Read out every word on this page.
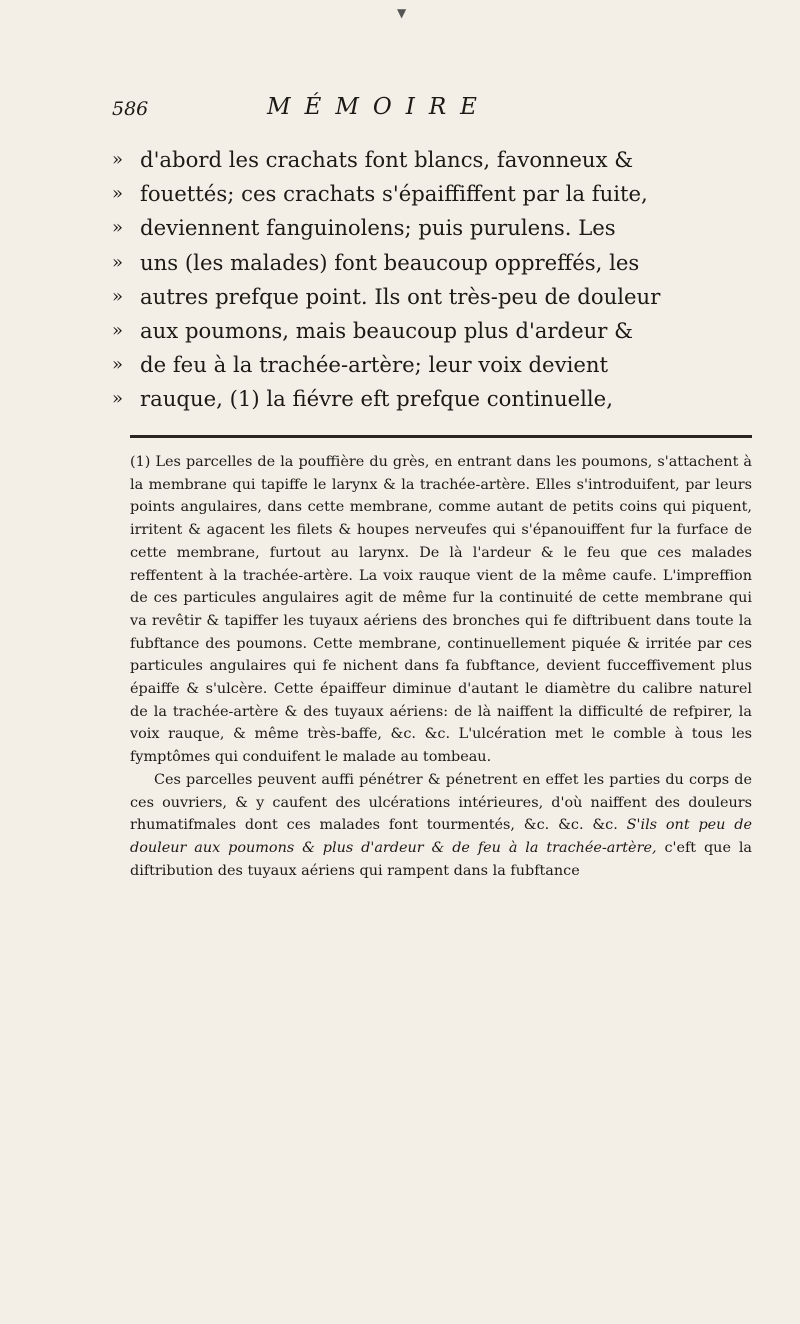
▼
586	MÉMOIRE
» d'abord les crachats font blancs, favonneux &
» fouettés; ces crachats s'épaiffiffent par la fuite,
» deviennent fanguinolens; puis purulens. Les
» uns (les malades) font beaucoup oppreffés, les
» autres prefque point. Ils ont très-peu de douleur
» aux poumons, mais beaucoup plus d'ardeur &
» de feu à la trachée-artère; leur voix devient
» rauque, (1) la fiévre eft prefque continuelle,

(1) Les parcelles de la pouffière du grès, en entrant dans les poumons, s'attachent à la membrane qui tapiffe le larynx & la trachée-artère. Elles s'introduifent, par leurs points angulaires, dans cette membrane, comme autant de petits coins qui piquent, irritent & agacent les filets & houpes nerveufes qui s'épanouiffent fur la furface de cette membrane, furtout au larynx. De là l'ardeur & le feu que ces malades reffentent à la trachée-artère. La voix rauque vient de la même caufe. L'impreffion de ces particules angulaires agit de même fur la continuité de cette membrane qui va revêtir & tapiffer les tuyaux aériens des bronches qui fe diftribuent dans toute la fubftance des poumons. Cette membrane, continuellement piquée & irritée par ces particules angulaires qui fe nichent dans fa fubftance, devient fucceffivement plus épaiffe & s'ulcère. Cette épaiffeur diminue d'autant le diamètre du calibre naturel de la trachée-artère & des tuyaux aériens: de là naiffent la difficulté de refpirer, la voix rauque, & même très-baffe, &c. &c. L'ulcération met le comble à tous les fymptômes qui conduifent le malade au tombeau.

Ces parcelles peuvent auffi pénétrer & pénetrent en effet les parties du corps de ces ouvriers, & y caufent des ulcérations intérieures, d'où naiffent des douleurs rhumatifmales dont ces malades font tourmentés, &c. &c. &c. S'ils ont peu de douleur aux poumons & plus d'ardeur & de feu à la trachée-artère, c'eft que la diftribution des tuyaux aériens qui rampent dans la fubftance
